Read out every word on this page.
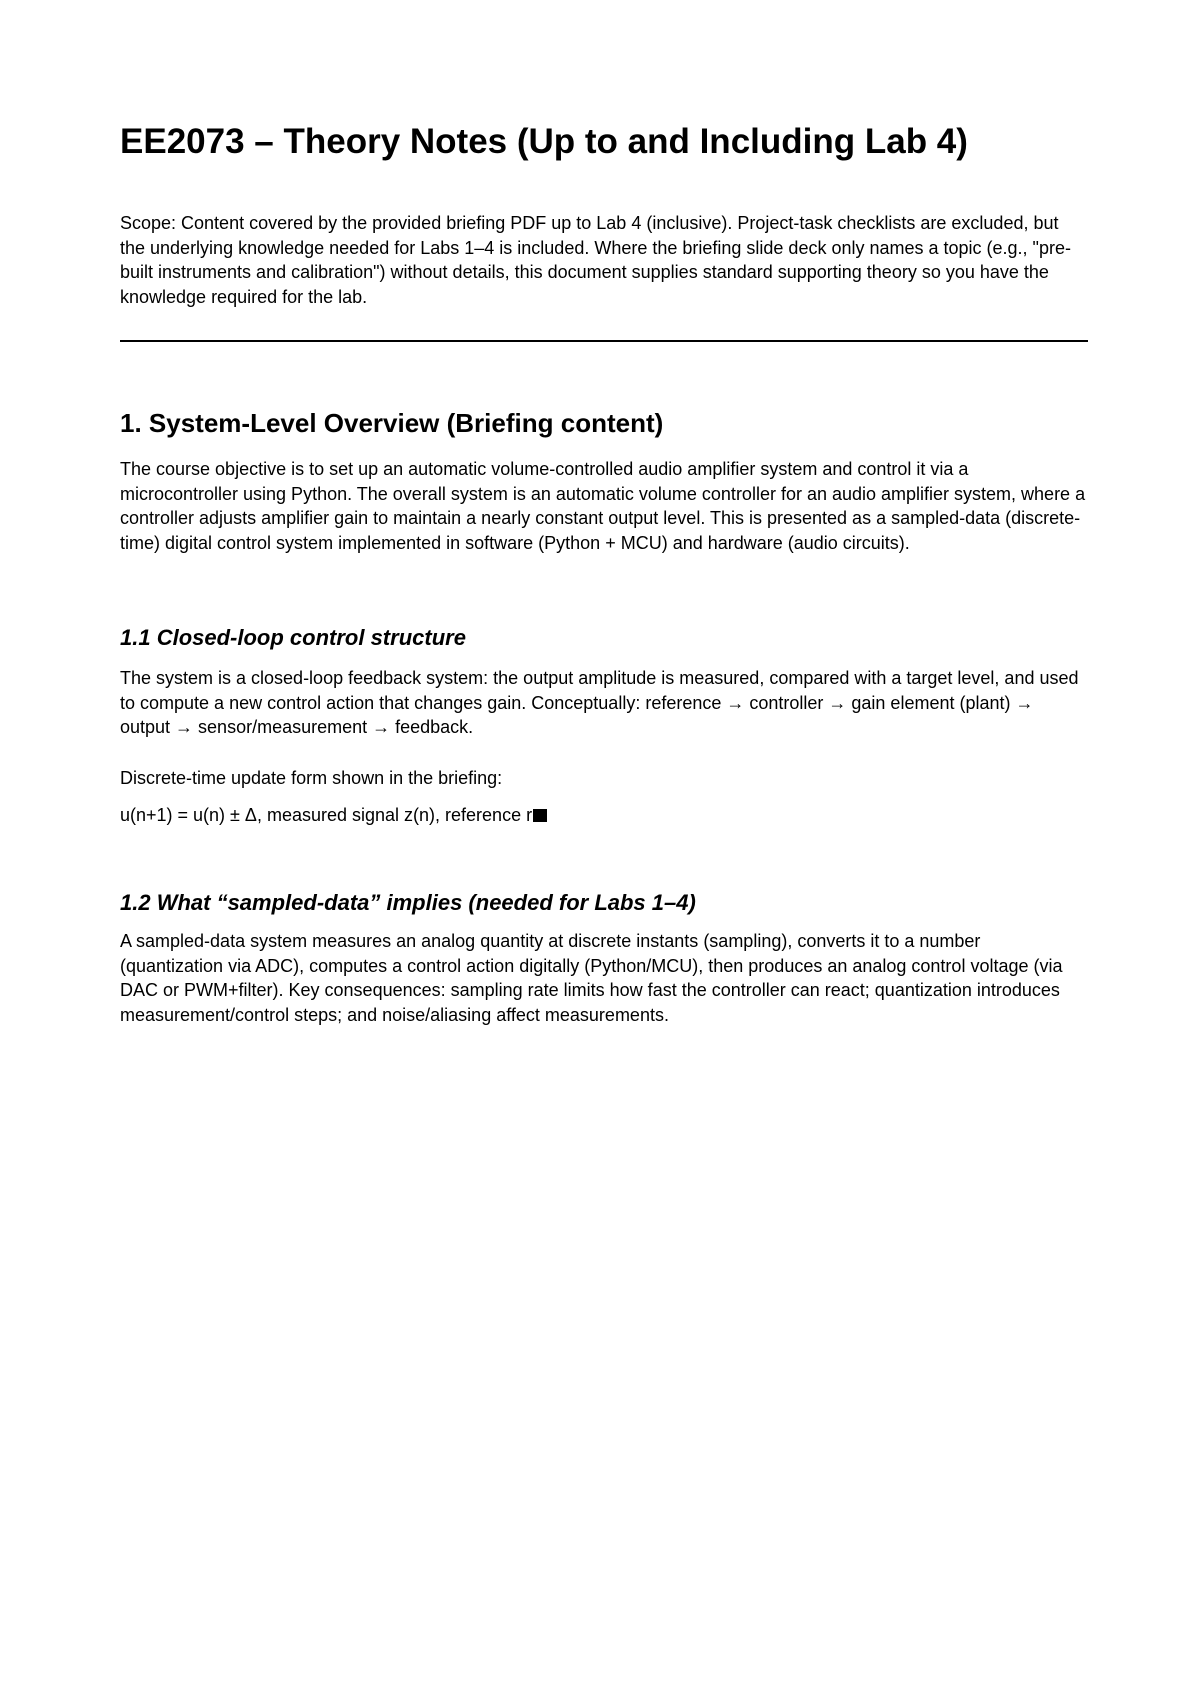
EE2073 – Theory Notes (Up to and Including Lab 4)

Scope: Content covered by the provided briefing PDF up to Lab 4 (inclusive). Project-task checklists are excluded, but the underlying knowledge needed for Labs 1–4 is included. Where the briefing slide deck only names a topic (e.g., "pre-built instruments and calibration") without details, this document supplies standard supporting theory so you have the knowledge required for the lab.

1. System-Level Overview (Briefing content)

The course objective is to set up an automatic volume-controlled audio amplifier system and control it via a microcontroller using Python. The overall system is an automatic volume controller for an audio amplifier system, where a controller adjusts amplifier gain to maintain a nearly constant output level. This is presented as a sampled-data (discrete-time) digital control system implemented in software (Python + MCU) and hardware (audio circuits).

1.1 Closed-loop control structure

The system is a closed-loop feedback system: the output amplitude is measured, compared with a target level, and used to compute a new control action that changes gain. Conceptually: reference → controller → gain element (plant) → output → sensor/measurement → feedback.

Discrete-time update form shown in the briefing:

u(n+1) = u(n) ± Δ, measured signal z(n), reference r

1.2 What “sampled-data” implies (needed for Labs 1–4)

A sampled-data system measures an analog quantity at discrete instants (sampling), converts it to a number (quantization via ADC), computes a control action digitally (Python/MCU), then produces an analog control voltage (via DAC or PWM+filter). Key consequences: sampling rate limits how fast the controller can react; quantization introduces measurement/control steps; and noise/aliasing affect measurements.
